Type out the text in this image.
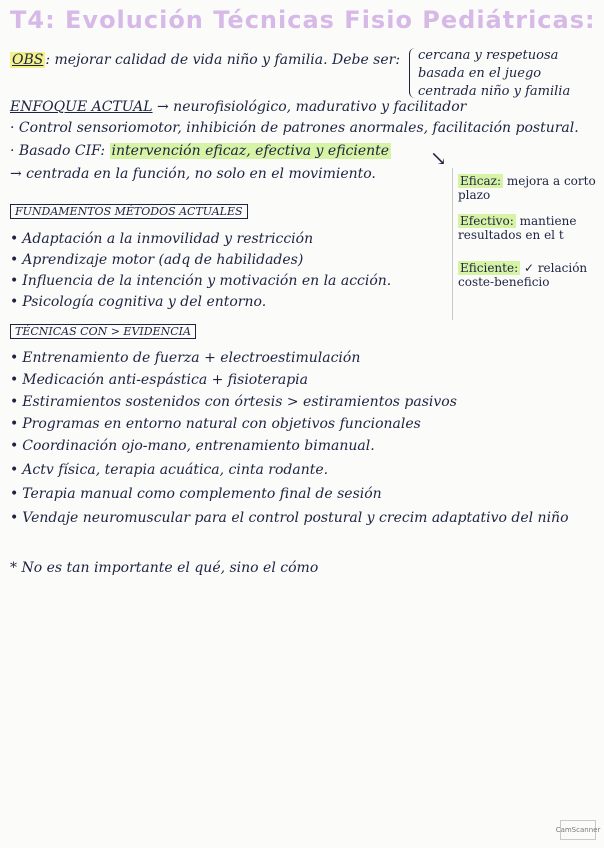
T4: Evolución Técnicas Fisio Pediátricas:
OBS : mejorar calidad de vida niño y familia. Debe ser: cercana y respetuosa
basada en el juego
centrada niño y familia
ENFOQUE ACTUAL → neurofisiológico, madurativo y facilitador
· Control sensoriomotor, inhibición de patrones anormales, facilitación postural.
· Basado CIF: intervención eficaz, efectiva y eficiente
→ centrada en la función, no solo en el movimiento.
↘
Eficaz: mejora a corto plazo
Efectivo: mantiene resultados en el t
Eficiente: ✓ relación coste-beneficio
FUNDAMENTOS MÉTODOS ACTUALES
• Adaptación a la inmovilidad y restricción
• Aprendizaje motor (adq de habilidades)
• Influencia de la intención y motivación en la acción.
• Psicología cognitiva y del entorno.
TÉCNICAS CON > EVIDENCIA
• Entrenamiento de fuerza + electroestimulación
• Medicación anti-espástica + fisioterapia
• Estiramientos sostenidos con órtesis > estiramientos pasivos
• Programas en entorno natural con objetivos funcionales
• Coordinación ojo-mano, entrenamiento bimanual.
• Actv física, terapia acuática, cinta rodante.
• Terapia manual como complemento final de sesión
• Vendaje neuromuscular para el control postural y crecim adaptativo del niño
* No es tan importante el qué, sino el cómo
CamScanner
